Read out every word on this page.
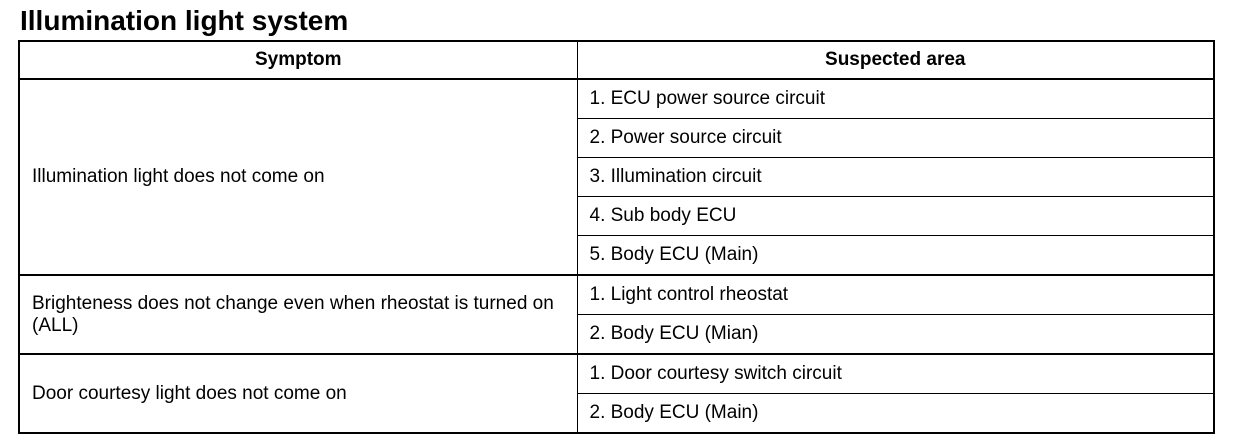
Illumination light system
Symptom	Suspected area
Illumination light does not come on	1. ECU power source circuit
	2. Power source circuit
	3. Illumination circuit
	4. Sub body ECU
	5. Body ECU (Main)
Brighteness does not change even when rheostat is turned on (ALL)	1. Light control rheostat
	2. Body ECU (Mian)
Door courtesy light does not come on	1. Door courtesy switch circuit
	2. Body ECU (Main)
